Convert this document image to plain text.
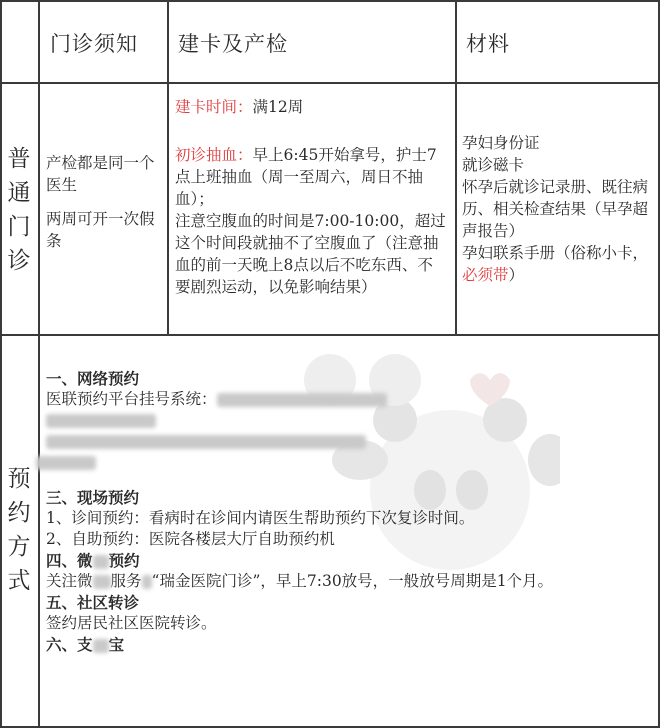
门诊须知 建卡及产检	材料
普通门诊
产检都是同一个医生
两周可开一次假条
建卡时间：满12周
初诊抽血：早上6:45开始拿号，护士7点上班抽血（周一至周六，周日不抽血）；
注意空腹血的时间是7:00-10:00，超过这个时间段就抽不了空腹血了（注意抽血的前一天晚上8点以后不吃东西、不要剧烈运动，以免影响结果）
孕妇身份证
就诊磁卡
怀孕后就诊记录册、既往病历、相关检查结果（早孕超声报告）
孕妇联系手册（俗称小卡，必须带）
预约方式
一、网络预约
医联预约平台挂号系统：
三、现场预约
1、诊间预约：看病时在诊间内请医生帮助预约下次复诊时间。
2、自助预约：医院各楼层大厅自助预约机
四、微 预约
关注微 服务 “瑞金医院门诊”，早上7:30放号，一般放号周期是1个月。
五、社区转诊
签约居民社区医院转诊。
六、支 宝
